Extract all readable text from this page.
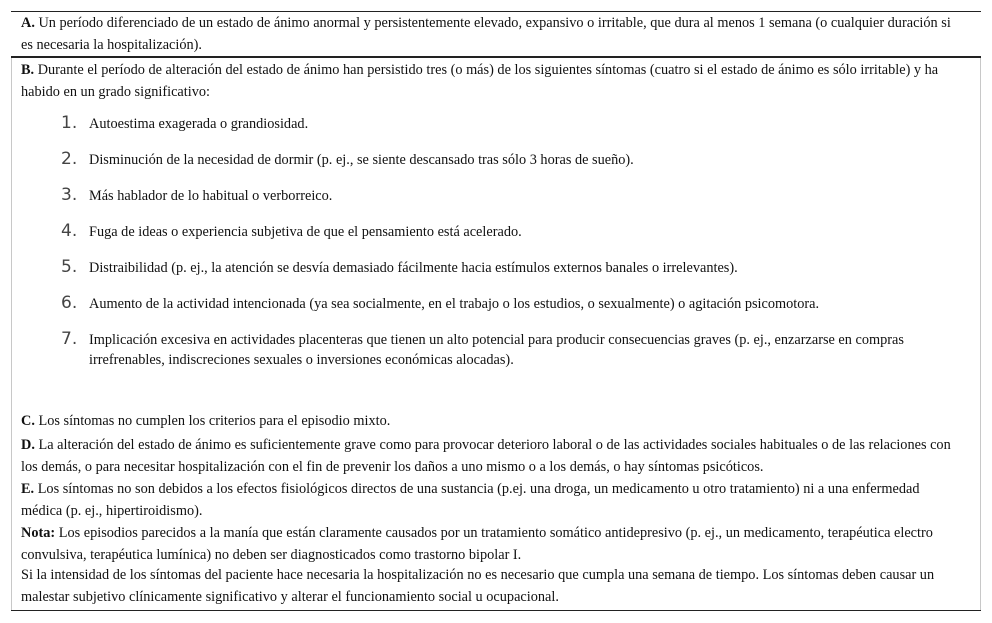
A. Un período diferenciado de un estado de ánimo anormal y persistentemente elevado, expansivo o irritable, que dura al menos 1 semana (o cualquier duración si es necesaria la hospitalización).

B. Durante el período de alteración del estado de ánimo han persistido tres (o más) de los siguientes síntomas (cuatro si el estado de ánimo es sólo irritable) y ha habido en un grado significativo:

1. Autoestima exagerada o grandiosidad.
2. Disminución de la necesidad de dormir (p. ej., se siente descansado tras sólo 3 horas de sueño).
3. Más hablador de lo habitual o verborreico.
4. Fuga de ideas o experiencia subjetiva de que el pensamiento está acelerado.
5. Distraibilidad (p. ej., la atención se desvía demasiado fácilmente hacia estímulos externos banales o irrelevantes).
6. Aumento de la actividad intencionada (ya sea socialmente, en el trabajo o los estudios, o sexualmente) o agitación psicomotora.
7. Implicación excesiva en actividades placenteras que tienen un alto potencial para producir consecuencias graves (p. ej., enzarzarse en compras irrefrenables, indiscreciones sexuales o inversiones económicas alocadas).

C. Los síntomas no cumplen los criterios para el episodio mixto.

D. La alteración del estado de ánimo es suficientemente grave como para provocar deterioro laboral o de las actividades sociales habituales o de las relaciones con los demás, o para necesitar hospitalización con el fin de prevenir los daños a uno mismo o a los demás, o hay síntomas psicóticos.

E. Los síntomas no son debidos a los efectos fisiológicos directos de una sustancia (p.ej. una droga, un medicamento u otro tratamiento) ni a una enfermedad médica (p. ej., hipertiroidismo).

Nota: Los episodios parecidos a la manía que están claramente causados por un tratamiento somático antidepresivo (p. ej., un medicamento, terapéutica electro convulsiva, terapéutica lumínica) no deben ser diagnosticados como trastorno bipolar I.

Si la intensidad de los síntomas del paciente hace necesaria la hospitalización no es necesario que cumpla una semana de tiempo. Los síntomas deben causar un malestar subjetivo clínicamente significativo y alterar el funcionamiento social u ocupacional.
